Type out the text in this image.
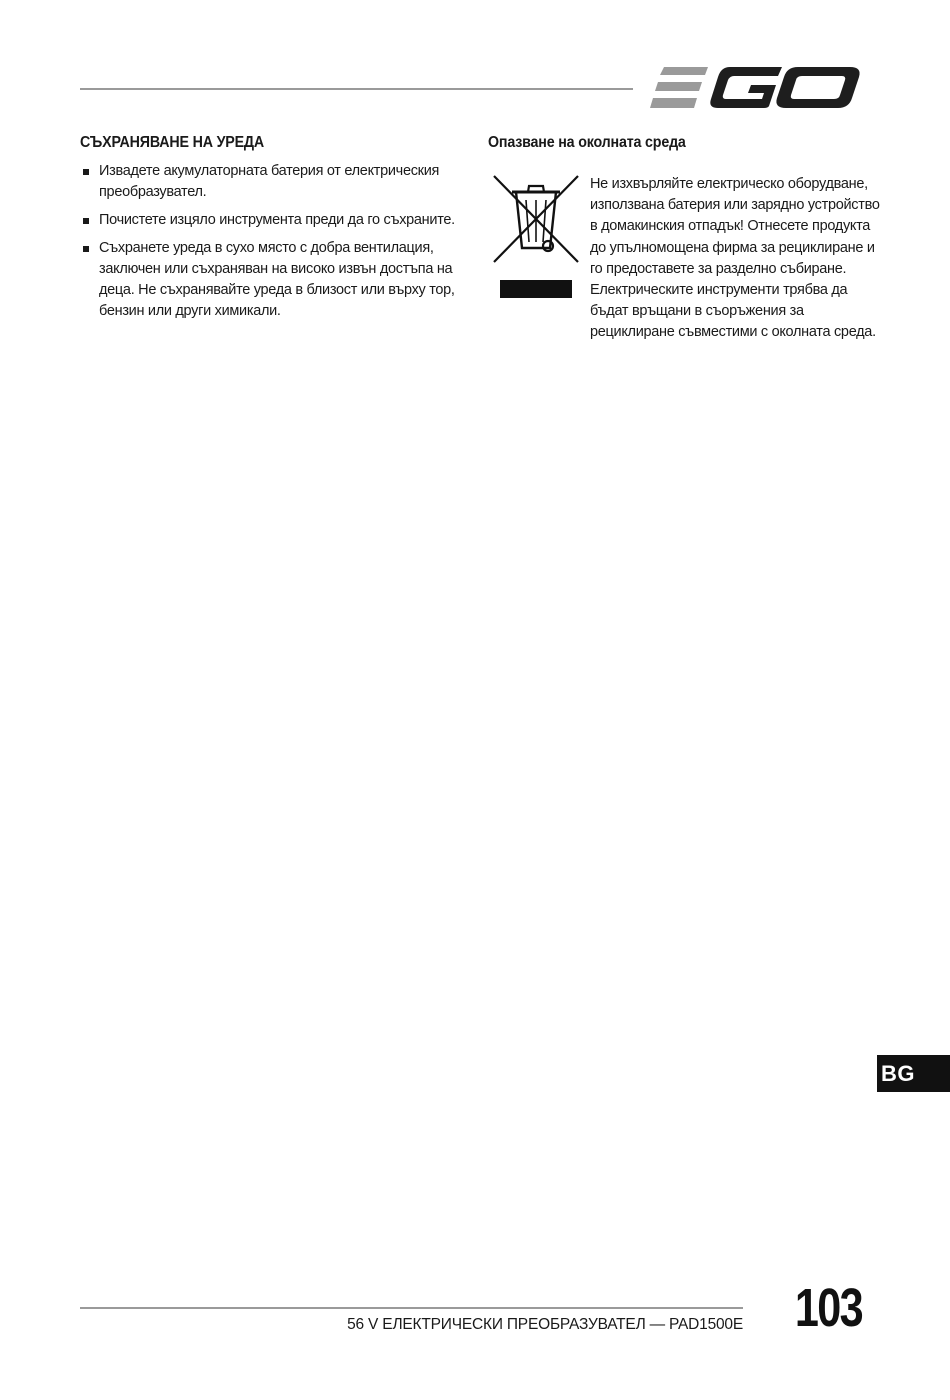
СЪХРАНЯВАНЕ НА УРЕДА
Извадете акумулаторната батерия от електрическия преобразувател.
Почистете изцяло инструмента преди да го съхраните.
Съхранете уреда в сухо място с добра вентилация, заключен или съхраняван на високо извън достъпа на деца. Не съхранявайте уреда в близост или върху тор, бензин или други химикали.
Опазване на околната среда

Не изхвърляйте електрическо оборудване, използвана батерия или зарядно устройство в домакинския отпадък! Отнесете продукта до упълномощена фирма за рециклиране и го предоставете за разделно събиране. Електрическите инструменти трябва да бъдат връщани в съоръжения за рециклиране съвместими с околната среда.

BG
56 V ЕЛЕКТРИЧЕСКИ ПРЕОБРАЗУВАТЕЛ — PAD1500E 103
